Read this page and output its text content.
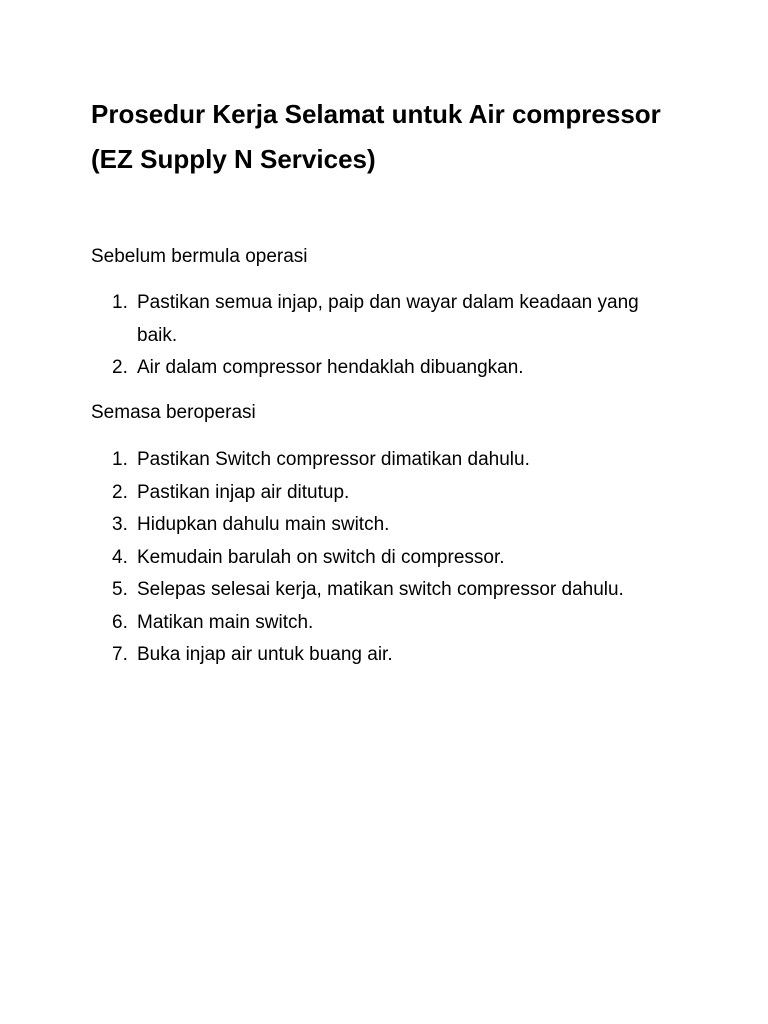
Prosedur Kerja Selamat untuk Air compressor
(EZ Supply N Services)
Sebelum bermula operasi
1. Pastikan semua injap, paip dan wayar dalam keadaan yang
baik.
2. Air dalam compressor hendaklah dibuangkan.
Semasa beroperasi
1. Pastikan Switch compressor dimatikan dahulu.
2. Pastikan injap air ditutup.
3. Hidupkan dahulu main switch.
4. Kemudain barulah on switch di compressor.
5. Selepas selesai kerja, matikan switch compressor dahulu.
6. Matikan main switch.
7. Buka injap air untuk buang air.
